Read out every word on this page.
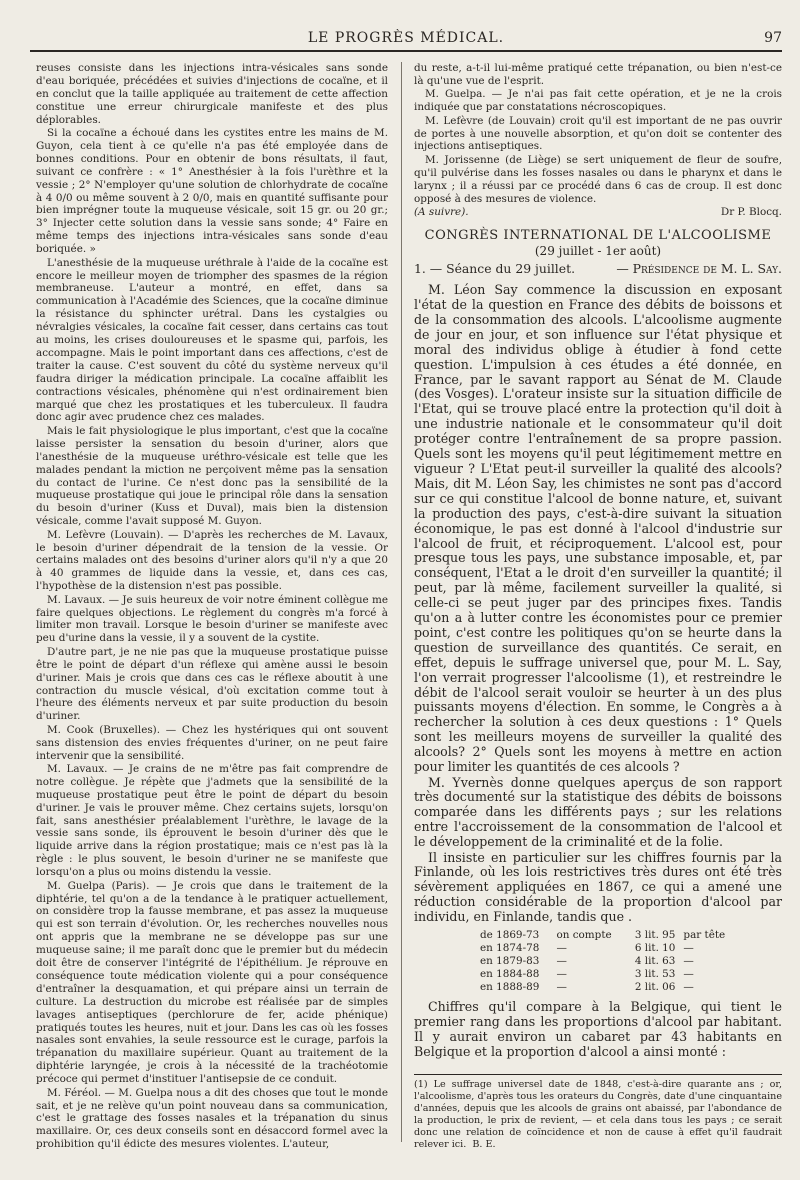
LE PROGRÈS MÉDICAL.	97

reuses consiste dans les injections intra-vésicales sans sonde d'eau boriquée, précédées et suivies d'injections de cocaïne, et il en conclut que la taille appliquée au traitement de cette affection constitue une erreur chirurgicale manifeste et des plus déplorables.

Si la cocaïne a échoué dans les cystites entre les mains de M. Guyon, cela tient à ce qu'elle n'a pas été employée dans de bonnes conditions. Pour en obtenir de bons résultats, il faut, suivant ce confrère : « 1° Anesthésier à la fois l'urèthre et la vessie ; 2° N'employer qu'une solution de chlorhydrate de cocaïne à 4 0/0 ou même souvent à 2 0/0, mais en quantité suffisante pour bien imprégner toute la muqueuse vésicale, soit 15 gr. ou 20 gr.; 3° Injecter cette solution dans la vessie sans sonde; 4° Faire en même temps des injections intra-vésicales sans sonde d'eau boriquée. »

L'anesthésie de la muqueuse uréthrale à l'aide de la cocaïne est encore le meilleur moyen de triompher des spasmes de la région membraneuse. L'auteur a montré, en effet, dans sa communication à l'Académie des Sciences, que la cocaïne diminue la résistance du sphincter urétral. Dans les cystalgies ou névralgies vésicales, la cocaïne fait cesser, dans certains cas tout au moins, les crises douloureuses et le spasme qui, parfois, les accompagne. Mais le point important dans ces affections, c'est de traiter la cause. C'est souvent du côté du système nerveux qu'il faudra diriger la médication principale. La cocaïne affaiblit les contractions vésicales, phénomène qui n'est ordinairement bien marqué que chez les prostatiques et les tuberculeux. Il faudra donc agir avec prudence chez ces malades.

Mais le fait physiologique le plus important, c'est que la cocaïne laisse persister la sensation du besoin d'uriner, alors que l'anesthésie de la muqueuse uréthro-vésicale est telle que les malades pendant la miction ne perçoivent même pas la sensation du contact de l'urine. Ce n'est donc pas la sensibilité de la muqueuse prostatique qui joue le principal rôle dans la sensation du besoin d'uriner (Kuss et Duval), mais bien la distension vésicale, comme l'avait supposé M. Guyon.

M. Lefèvre (Louvain). — D'après les recherches de M. Lavaux, le besoin d'uriner dépendrait de la tension de la vessie. Or certains malades ont des besoins d'uriner alors qu'il n'y a que 20 à 40 grammes de liquide dans la vessie, et, dans ces cas, l'hypothèse de la distension n'est pas possible.

M. Lavaux. — Je suis heureux de voir notre éminent collègue me faire quelques objections. Le règlement du congrès m'a forcé à limiter mon travail. Lorsque le besoin d'uriner se manifeste avec peu d'urine dans la vessie, il y a souvent de la cystite.

D'autre part, je ne nie pas que la muqueuse prostatique puisse être le point de départ d'un réflexe qui amène aussi le besoin d'uriner. Mais je crois que dans ces cas le réflexe aboutit à une contraction du muscle vésical, d'où excitation comme tout à l'heure des éléments nerveux et par suite production du besoin d'uriner.

M. Cook (Bruxelles). — Chez les hystériques qui ont souvent sans distension des envies fréquentes d'uriner, on ne peut faire intervenir que la sensibilité.

M. Lavaux. — Je crains de ne m'être pas fait comprendre de notre collègue. Je répète que j'admets que la sensibilité de la muqueuse prostatique peut être le point de départ du besoin d'uriner. Je vais le prouver même. Chez certains sujets, lorsqu'on fait, sans anesthésier préalablement l'urèthre, le lavage de la vessie sans sonde, ils éprouvent le besoin d'uriner dès que le liquide arrive dans la région prostatique; mais ce n'est pas là la règle : le plus souvent, le besoin d'uriner ne se manifeste que lorsqu'on a plus ou moins distendu la vessie.

M. Guelpa (Paris). — Je crois que dans le traitement de la diphtérie, tel qu'on a de la tendance à le pratiquer actuellement, on considère trop la fausse membrane, et pas assez la muqueuse qui est son terrain d'évolution. Or, les recherches nouvelles nous ont appris que la membrane ne se développe pas sur une muqueuse saine; il me paraît donc que le premier but du médecin doit être de conserver l'intégrité de l'épithélium. Je réprouve en conséquence toute médication violente qui a pour conséquence d'entraîner la desquamation, et qui prépare ainsi un terrain de culture. La destruction du microbe est réalisée par de simples lavages antiseptiques (perchlorure de fer, acide phénique) pratiqués toutes les heures, nuit et jour. Dans les cas où les fosses nasales sont envahies, la seule ressource est le curage, parfois la trépanation du maxillaire supérieur. Quant au traitement de la diphtérie laryngée, je crois à la nécessité de la trachéotomie précoce qui permet d'instituer l'antisepsie de ce conduit.

M. Féréol. — M. Guelpa nous a dit des choses que tout le monde sait, et je ne relève qu'un point nouveau dans sa communication, c'est le grattage des fosses nasales et la trépanation du sinus maxillaire. Or, ces deux conseils sont en désaccord formel avec la prohibition qu'il édicte des mesures violentes. L'auteur,

du reste, a-t-il lui-même pratiqué cette trépanation, ou bien n'est-ce là qu'une vue de l'esprit.

M. Guelpa. — Je n'ai pas fait cette opération, et je ne la crois indiquée que par constatations nécroscopiques.

M. Lefèvre (de Louvain) croit qu'il est important de ne pas ouvrir de portes à une nouvelle absorption, et qu'on doit se contenter des injections antiseptiques.

M. Jorissenne (de Liège) se sert uniquement de fleur de soufre, qu'il pulvérise dans les fosses nasales ou dans le pharynx et dans le larynx ; il a réussi par ce procédé dans 6 cas de croup. Il est donc opposé à des mesures de violence.

(A suivre).	Dr P. Blocq.
CONGRÈS INTERNATIONAL DE L'ALCOOLISME
(29 juillet - 1er août)
1. — Séance du 29 juillet.	— Présidence de M. L. Say.

M. Léon Say commence la discussion en exposant l'état de la question en France des débits de boissons et de la consommation des alcools. L'alcoolisme augmente de jour en jour, et son influence sur l'état physique et moral des individus oblige à étudier à fond cette question. L'impulsion à ces études a été donnée, en France, par le savant rapport au Sénat de M. Claude (des Vosges). L'orateur insiste sur la situation difficile de l'Etat, qui se trouve placé entre la protection qu'il doit à une industrie nationale et le consommateur qu'il doit protéger contre l'entraînement de sa propre passion. Quels sont les moyens qu'il peut légitimement mettre en vigueur ? L'Etat peut-il surveiller la qualité des alcools? Mais, dit M. Léon Say, les chimistes ne sont pas d'accord sur ce qui constitue l'alcool de bonne nature, et, suivant la production des pays, c'est-à-dire suivant la situation économique, le pas est donné à l'alcool d'industrie sur l'alcool de fruit, et réciproquement. L'alcool est, pour presque tous les pays, une substance imposable, et, par conséquent, l'Etat a le droit d'en surveiller la quantité; il peut, par là même, facilement surveiller la qualité, si celle-ci se peut juger par des principes fixes. Tandis qu'on a à lutter contre les économistes pour ce premier point, c'est contre les politiques qu'on se heurte dans la question de surveillance des quantités. Ce serait, en effet, depuis le suffrage universel que, pour M. L. Say, l'on verrait progresser l'alcoolisme (1), et restreindre le débit de l'alcool serait vouloir se heurter à un des plus puissants moyens d'élection. En somme, le Congrès a à rechercher la solution à ces deux questions : 1° Quels sont les meilleurs moyens de surveiller la qualité des alcools? 2° Quels sont les moyens à mettre en action pour limiter les quantités de ces alcools ?

M. Yvernès donne quelques aperçus de son rapport très documenté sur la statistique des débits de boissons comparée dans les différents pays ; sur les relations entre l'accroissement de la consommation de l'alcool et le développement de la criminalité et de la folie.

Il insiste en particulier sur les chiffres fournis par la Finlande, où les lois restrictives très dures ont été très sévèrement appliquées en 1867, ce qui a amené une réduction considérable de la proportion d'alcool par individu, en Finlande, tandis que .

de 1869-73	on compte	3 lit. 95	par tête
en 1874-78	—	6 lit. 10	—
en 1879-83	—	4 lit. 63	—
en 1884-88	—	3 lit. 53	—
en 1888-89	—	2 lit. 06	—

Chiffres qu'il compare à la Belgique, qui tient le premier rang dans les proportions d'alcool par habitant. Il y aurait environ un cabaret par 43 habitants en Belgique et la proportion d'alcool a ainsi monté :

(1) Le suffrage universel date de 1848, c'est-à-dire quarante ans ; or, l'alcoolisme, d'après tous les orateurs du Congrès, date d'une cinquantaine d'années, depuis que les alcools de grains ont abaissé, par l'abondance de la production, le prix de revient, — et cela dans tous les pays ; ce serait donc une relation de coïncidence et non de cause à effet qu'il faudrait relever ici. B. E.
